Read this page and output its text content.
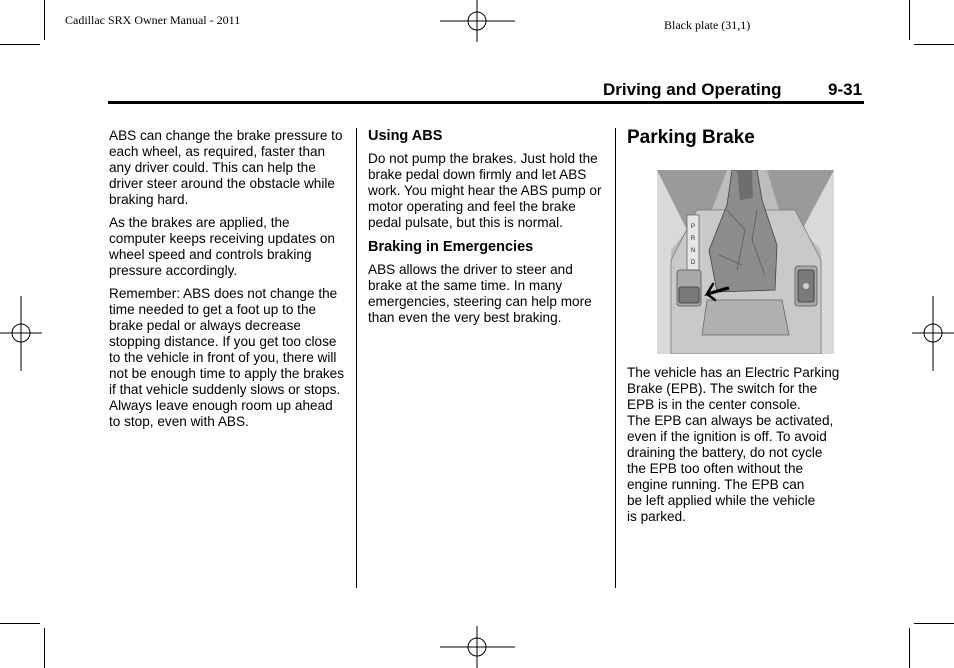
Cadillac SRX Owner Manual - 2011	Black plate (31,1)
Driving and Operating	9-31

ABS can change the brake pressure to each wheel, as required, faster than any driver could. This can help the driver steer around the obstacle while braking hard.

As the brakes are applied, the computer keeps receiving updates on wheel speed and controls braking pressure accordingly.

Remember: ABS does not change the time needed to get a foot up to the brake pedal or always decrease stopping distance. If you get too close to the vehicle in front of you, there will not be enough time to apply the brakes if that vehicle suddenly slows or stops. Always leave enough room up ahead to stop, even with ABS.

Using ABS

Do not pump the brakes. Just hold the brake pedal down firmly and let ABS work. You might hear the ABS pump or motor operating and feel the brake pedal pulsate, but this is normal.

Braking in Emergencies

ABS allows the driver to steer and brake at the same time. In many emergencies, steering can help more than even the very best braking.

Parking Brake
P
R
N
D
The vehicle has an Electric Parking
Brake (EPB). The switch for the
EPB is in the center console.
The EPB can always be activated,
even if the ignition is off. To avoid
draining the battery, do not cycle
the EPB too often without the
engine running. The EPB can
be left applied while the vehicle
is parked.
